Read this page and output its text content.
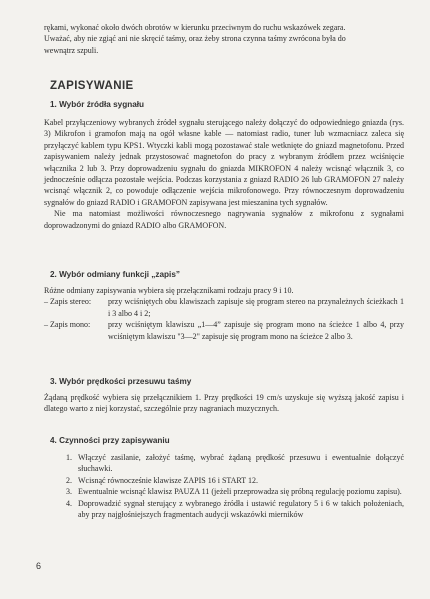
rękami, wykonać około dwóch obrotów w kierunku przeciwnym do ruchu wskazówek zegara.

Uważać, aby nie zgiąć ani nie skręcić taśmy, oraz żeby strona czynna taśmy zwrócona była do

wewnątrz szpuli.

ZAPISYWANIE
1. Wybór źródła sygnału

Kabel przyłączeniowy wybranych źródeł sygnału sterującego należy dołączyć do odpowiedniego gniazda (rys. 3) Mikrofon i gramofon mają na ogół własne kable — natomiast radio, tuner lub wzmacniacz zaleca się przyłączyć kablem typu KPS1. Wtyczki kabli mogą pozostawać stale wetknięte do gniazd magnetofonu. Przed zapisywaniem należy jednak przystosować magnetofon do pracy z wybranym źródłem przez wciśnięcie włącznika 2 lub 3. Przy doprowadzeniu sygnału do gniazda MIKROFON 4 należy wcisnąć włącznik 3, co jednocześnie odłącza pozostałe wejścia. Podczas korzystania z gniazd RADIO 26 lub GRAMOFON 27 należy wcisnąć włącznik 2, co powoduje odłączenie wejścia mikrofonowego. Przy równoczesnym doprowadzeniu sygnałów do gniazd RADIO i GRAMOFON zapisywana jest mieszanina tych sygnałów.

Nie ma natomiast możliwości równoczesnego nagrywania sygnałów z mikrofonu z sygnałami doprowadzonymi do gniazd RADIO albo GRAMOFON.

2. Wybór odmiany funkcji „zapis”

Różne odmiany zapisywania wybiera się przełącznikami rodzaju pracy 9 i 10.

– Zapis stereo:	przy wciśniętych obu klawiszach zapisuje się program stereo na przynależnych ścieżkach 1 i 3 albo 4 i 2;
– Zapis mono:	przy wciśniętym klawiszu „1—4” zapisuje się program mono na ścieżce 1 albo 4, przy wciśniętym klawiszu "3—2" zapisuje się program mono na ścieżce 2 albo 3.
3. Wybór prędkości przesuwu taśmy

Żądaną prędkość wybiera się przełącznikiem 1. Przy prędkości 19 cm/s uzyskuje się wyższą jakość zapisu i dlatego warto z niej korzystać, szczególnie przy nagraniach muzycznych.

4. Czynności przy zapisywaniu
1. Włączyć zasilanie, założyć taśmę, wybrać żądaną prędkość przesuwu i ewentualnie dołączyć słuchawki.
2. Wcisnąć równocześnie klawisze ZAPIS 16 i START 12.
3. Ewentualnie wcisnąć klawisz PAUZA 11 (jeżeli przeprowadza się próbną regulację poziomu zapisu).
4. Doprowadzić sygnał sterujący z wybranego źródła i ustawić regulatory 5 i 6 w takich położeniach, aby przy najgłośniejszych fragmentach audycji wskazówki mierników
6
